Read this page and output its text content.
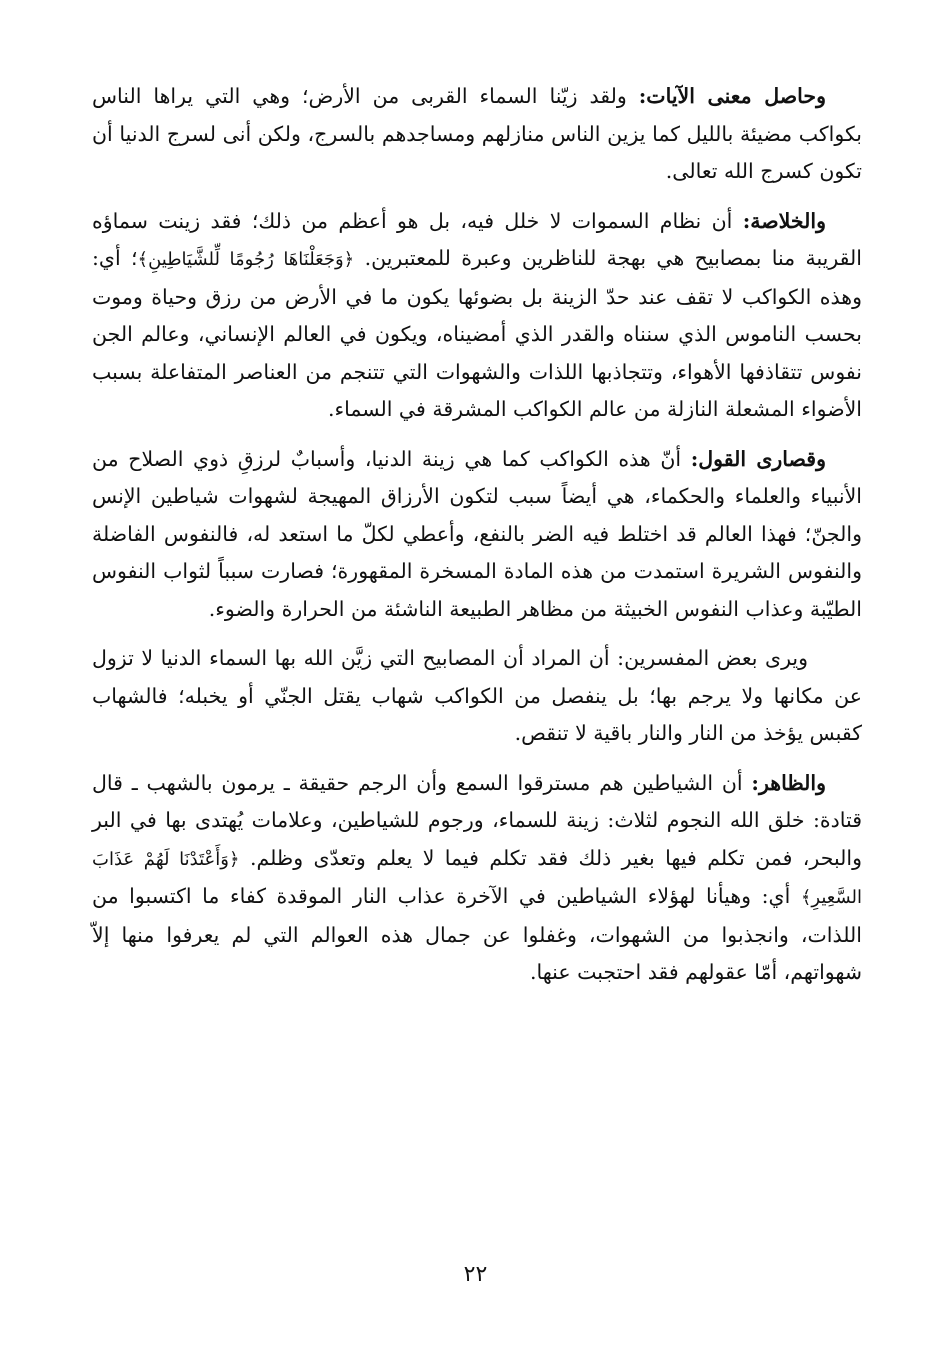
وحاصل معنى الآيات: ولقد زيّنا السماء القربى من الأرض؛ وهي التي يراها الناس بكواكب مضيئة بالليل كما يزين الناس منازلهم ومساجدهم بالسرج، ولكن أنى لسرج الدنيا أن تكون كسرج الله تعالى.

والخلاصة: أن نظام السموات لا خلل فيه، بل هو أعظم من ذلك؛ فقد زينت سماؤه القريبة منا بمصابيح هي بهجة للناظرين وعبرة للمعتبرين. ﴿وَجَعَلْنَاهَا رُجُومًا لِّلشَّيَاطِينِ﴾؛ أي: وهذه الكواكب لا تقف عند حدّ الزينة بل بضوئها يكون ما في الأرض من رزق وحياة وموت بحسب الناموس الذي سنناه والقدر الذي أمضيناه، ويكون في العالم الإنساني، وعالم الجن نفوس تتقاذفها الأهواء، وتتجاذبها اللذات والشهوات التي تتنجم من العناصر المتفاعلة بسبب الأضواء المشعلة النازلة من عالم الكواكب المشرقة في السماء.

وقصارى القول: أنّ هذه الكواكب كما هي زينة الدنيا، وأسبابٌ لرزقِ ذوي الصلاح من الأنبياء والعلماء والحكماء، هي أيضاً سبب لتكون الأرزاق المهيجة لشهوات شياطين الإنس والجنّ؛ فهذا العالم قد اختلط فيه الضر بالنفع، وأعطي لكلّ ما استعد له، فالنفوس الفاضلة والنفوس الشريرة استمدت من هذه المادة المسخرة المقهورة؛ فصارت سبباً لثواب النفوس الطيّبة وعذاب النفوس الخبيثة من مظاهر الطبيعة الناشئة من الحرارة والضوء.

ويرى بعض المفسرين: أن المراد أن المصابيح التي زيَّن الله بها السماء الدنيا لا تزول عن مكانها ولا يرجم بها؛ بل ينفصل من الكواكب شهاب يقتل الجنّي أو يخبله؛ فالشهاب كقبس يؤخذ من النار والنار باقية لا تنقص.

والظاهر: أن الشياطين هم مسترقوا السمع وأن الرجم حقيقة ـ يرمون بالشهب ـ قال قتادة: خلق الله النجوم لثلاث: زينة للسماء، ورجوم للشياطين، وعلامات يُهتدى بها في البر والبحر، فمن تكلم فيها بغير ذلك فقد تكلم فيما لا يعلم وتعدّى وظلم. ﴿وَأَعْتَدْنَا لَهُمْ عَذَابَ السَّعِيرِ﴾ أي: وهيأنا لهؤلاء الشياطين في الآخرة عذاب النار الموقدة كفاء ما اكتسبوا من اللذات، وانجذبوا من الشهوات، وغفلوا عن جمال هذه العوالم التي لم يعرفوا منها إلاّ شهواتهم، أمّا عقولهم فقد احتجبت عنها.

٢٢
